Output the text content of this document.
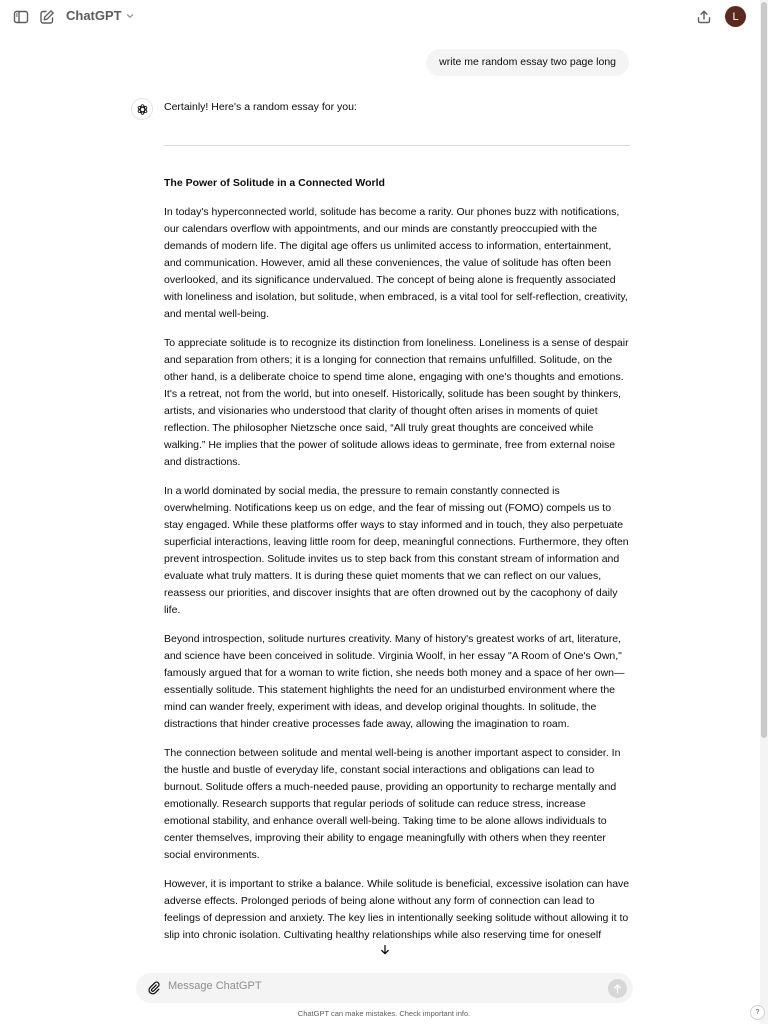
ChatGPT	L
write me random essay two page long

Certainly! Here's a random essay for you:

The Power of Solitude in a Connected World

In today's hyperconnected world, solitude has become a rarity. Our phones buzz with notifications, our calendars overflow with appointments, and our minds are constantly preoccupied with the demands of modern life. The digital age offers us unlimited access to information, entertainment, and communication. However, amid all these conveniences, the value of solitude has often been overlooked, and its significance undervalued. The concept of being alone is frequently associated with loneliness and isolation, but solitude, when embraced, is a vital tool for self-reflection, creativity, and mental well-being.

To appreciate solitude is to recognize its distinction from loneliness. Loneliness is a sense of despair and separation from others; it is a longing for connection that remains unfulfilled. Solitude, on the other hand, is a deliberate choice to spend time alone, engaging with one's thoughts and emotions. It's a retreat, not from the world, but into oneself. Historically, solitude has been sought by thinkers, artists, and visionaries who understood that clarity of thought often arises in moments of quiet reflection. The philosopher Nietzsche once said, “All truly great thoughts are conceived while walking.” He implies that the power of solitude allows ideas to germinate, free from external noise and distractions.

In a world dominated by social media, the pressure to remain constantly connected is overwhelming. Notifications keep us on edge, and the fear of missing out (FOMO) compels us to stay engaged. While these platforms offer ways to stay informed and in touch, they also perpetuate superficial interactions, leaving little room for deep, meaningful connections. Furthermore, they often prevent introspection. Solitude invites us to step back from this constant stream of information and evaluate what truly matters. It is during these quiet moments that we can reflect on our values, reassess our priorities, and discover insights that are often drowned out by the cacophony of daily life.

Beyond introspection, solitude nurtures creativity. Many of history's greatest works of art, literature, and science have been conceived in solitude. Virginia Woolf, in her essay "A Room of One's Own," famously argued that for a woman to write fiction, she needs both money and a space of her own—essentially solitude. This statement highlights the need for an undisturbed environment where the mind can wander freely, experiment with ideas, and develop original thoughts. In solitude, the distractions that hinder creative processes fade away, allowing the imagination to roam.

The connection between solitude and mental well-being is another important aspect to consider. In the hustle and bustle of everyday life, constant social interactions and obligations can lead to burnout. Solitude offers a much-needed pause, providing an opportunity to recharge mentally and emotionally. Research supports that regular periods of solitude can reduce stress, increase emotional stability, and enhance overall well-being. Taking time to be alone allows individuals to center themselves, improving their ability to engage meaningfully with others when they reenter social environments.

However, it is important to strike a balance. While solitude is beneficial, excessive isolation can have adverse effects. Prolonged periods of being alone without any form of connection can lead to feelings of depression and anxiety. The key lies in intentionally seeking solitude without allowing it to slip into chronic isolation. Cultivating healthy relationships while also reserving time for oneself

Message ChatGPT
ChatGPT can make mistakes. Check important info.	?
